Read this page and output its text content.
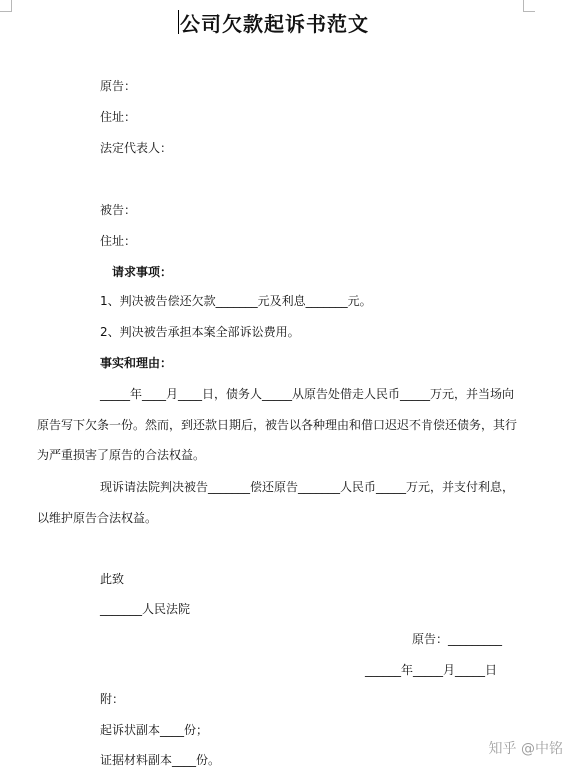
公司欠款起诉书范文
原告：
住址：
法定代表人：
被告：
住址：
请求事项：
1、判决被告偿还欠款_______元及利息_______元。
2、判决被告承担本案全部诉讼费用。
事实和理由：
_____年____月____日，债务人_____从原告处借走人民币_____万元，并当场向
原告写下欠条一份。然而，到还款日期后，被告以各种理由和借口迟迟不肯偿还债务，其行
为严重损害了原告的合法权益。
现诉请法院判决被告_______偿还原告_______人民币_____万元，并支付利息，
以维护原告合法权益。
此致
_______人民法院
原告：_________
______年_____月_____日
附：
起诉状副本____份；
证据材料副本____份。
知乎 @中铭
